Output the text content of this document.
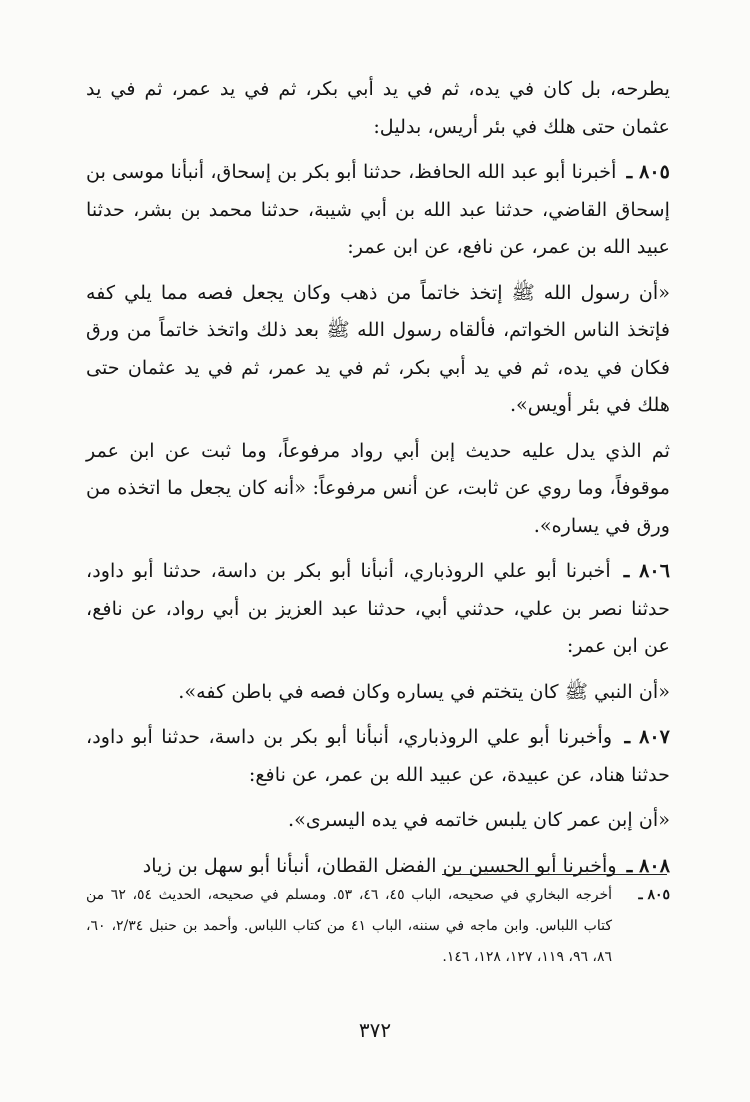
يطرحه، بل كان في يده، ثم في يد أبي بكر، ثم في يد عمر، ثم في يد عثمان حتى هلك في بئر أريس، بدليل:

٨٠٥ ـ أخبرنا أبو عبد الله الحافظ، حدثنا أبو بكر بن إسحاق، أنبأنا موسى بن إسحاق القاضي، حدثنا عبد الله بن أبي شيبة، حدثنا محمد بن بشر، حدثنا عبيد الله بن عمر، عن نافع، عن ابن عمر:

«أن رسول الله ﷺ إتخذ خاتماً من ذهب وكان يجعل فصه مما يلي كفه فإتخذ الناس الخواتم، فألقاه رسول الله ﷺ بعد ذلك واتخذ خاتماً من ورق فكان في يده، ثم في يد أبي بكر، ثم في يد عمر، ثم في يد عثمان حتى هلك في بئر أويس».

ثم الذي يدل عليه حديث إبن أبي رواد مرفوعاً، وما ثبت عن ابن عمر موقوفاً، وما روي عن ثابت، عن أنس مرفوعاً: «أنه كان يجعل ما اتخذه من ورق في يساره».

٨٠٦ ـ أخبرنا أبو علي الروذباري، أنبأنا أبو بكر بن داسة، حدثنا أبو داود، حدثنا نصر بن علي، حدثني أبي، حدثنا عبد العزيز بن أبي رواد، عن نافع، عن ابن عمر:

«أن النبي ﷺ كان يتختم في يساره وكان فصه في باطن كفه».

٨٠٧ ـ وأخبرنا أبو علي الروذباري، أنبأنا أبو بكر بن داسة، حدثنا أبو داود، حدثنا هناد، عن عبيدة، عن عبيد الله بن عمر، عن نافع:

«أن إبن عمر كان يلبس خاتمه في يده اليسرى».

٨٠٨ ـ وأخبرنا أبو الحسين بن الفضل القطان، أنبأنا أبو سهل بن زياد

٨٠٥ ـ
أخرجه البخاري في صحيحه، الباب ٤٥، ٤٦، ٥٣. ومسلم في صحيحه، الحديث ٥٤، ٦٢ من كتاب اللباس. وابن ماجه في سننه، الباب ٤١ من كتاب اللباس. وأحمد بن حنبل ٢/٣٤، ٦٠، ٨٦، ٩٦، ١١٩، ١٢٧، ١٢٨، ١٤٦.
٣٧٢
